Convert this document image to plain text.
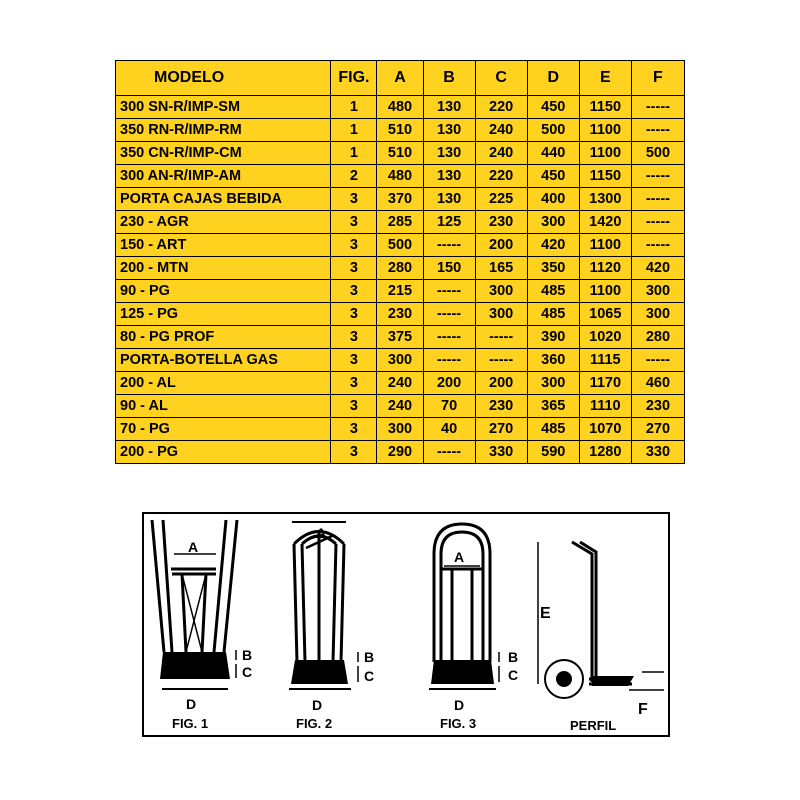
MODELO	FIG.	A	B	C	D	E	F
300 SN-R/IMP-SM	1	480	130	220	450	1150	-----
350 RN-R/IMP-RM	1	510	130	240	500	1100	-----
350 CN-R/IMP-CM	1	510	130	240	440	1100	500
300 AN-R/IMP-AM	2	480	130	220	450	1150	-----
PORTA CAJAS BEBIDA	3	370	130	225	400	1300	-----
230 - AGR	3	285	125	230	300	1420	-----
150 - ART	3	500	-----	200	420	1100	-----
200 - MTN	3	280	150	165	350	1120	420
90 - PG	3	215	-----	300	485	1100	300
125 - PG	3	230	-----	300	485	1065	300
80 - PG PROF	3	375	-----	-----	390	1020	280
PORTA-BOTELLA GAS	3	300	-----	-----	360	1115	-----
200 - AL	3	240	200	200	300	1170	460
90 - AL	3	240	70	230	365	1110	230
70 - PG	3	300	40	270	485	1070	270
200 - PG	3	290	-----	330	590	1280	330
A
B
C
D
FIG. 1
A
B
C
D
FIG. 2
A
B
C
D
FIG. 3
E
F
PERFIL
